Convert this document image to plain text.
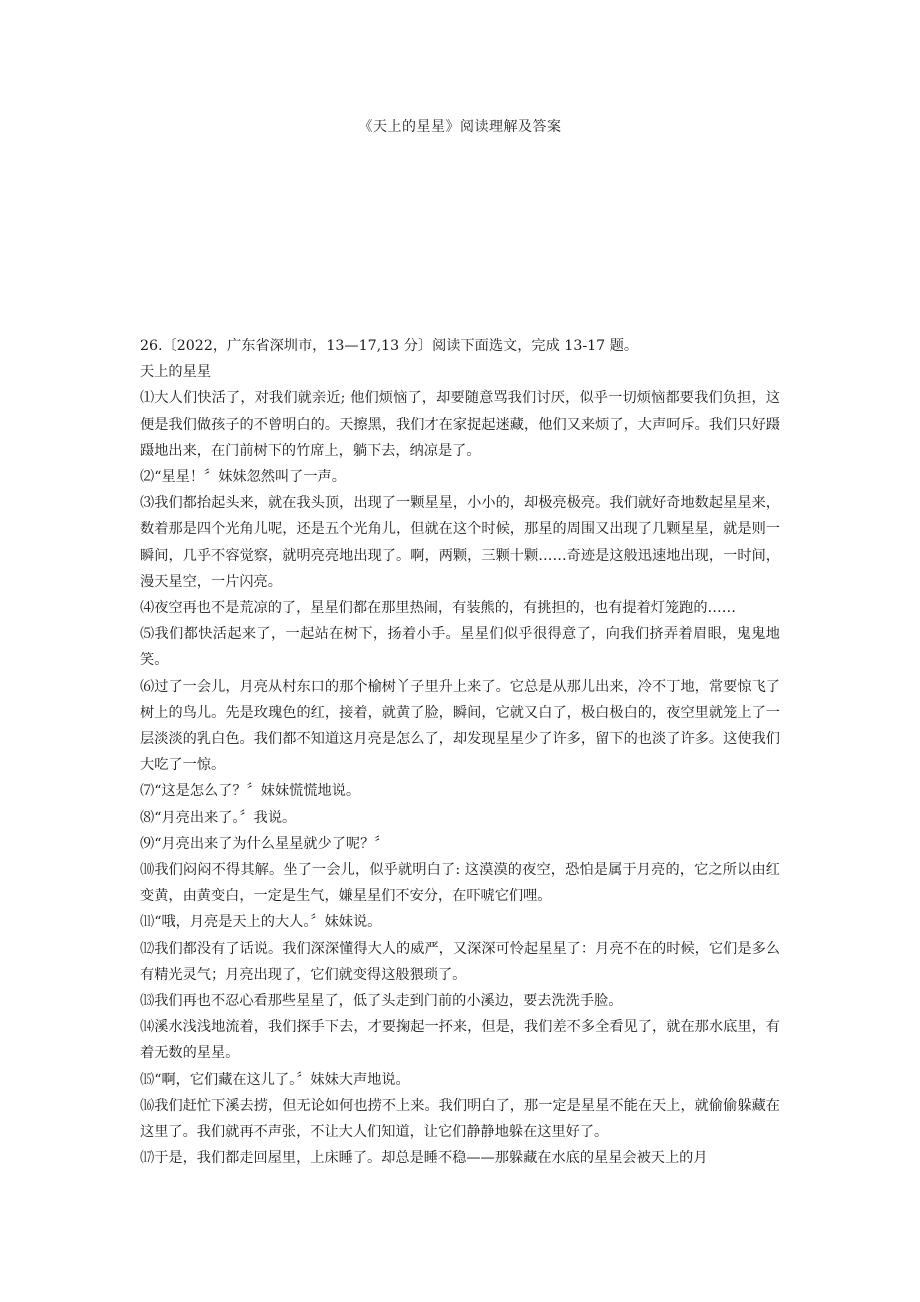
《天上的星星》阅读理解及答案

26.〔2022，广东省深圳市，13—17,13 分〕阅读下面选文，完成 13-17 题。

天上的星星

⑴大人们快活了，对我们就亲近; 他们烦恼了，却要随意骂我们讨厌，似乎一切烦恼都要我们负担，这便是我们做孩子的不曾明白的。天擦黑，我们才在家捉起迷藏，他们又来烦了，大声呵斥。我们只好蹑蹑地出来，在门前树下的竹席上，躺下去，纳凉是了。

⑵“星星！〞妹妹忽然叫了一声。

⑶我们都抬起头来，就在我头顶，出现了一颗星星，小小的，却极亮极亮。我们就好奇地数起星星来，数着那是四个光角儿呢，还是五个光角儿，但就在这个时候，那星的周围又出现了几颗星星，就是则一瞬间，几乎不容觉察，就明亮亮地出现了。啊，两颗，三颗十颗……奇迹是这般迅速地出现，一时间，漫天星空，一片闪亮。

⑷夜空再也不是荒凉的了，星星们都在那里热闹，有装熊的，有挑担的，也有提着灯笼跑的……

⑸我们都快活起来了，一起站在树下，扬着小手。星星们似乎很得意了，向我们挤弄着眉眼，鬼鬼地笑。

⑹过了一会儿，月亮从村东口的那个榆树丫子里升上来了。它总是从那儿出来，冷不丁地，常要惊飞了树上的鸟儿。先是玫瑰色的红，接着，就黄了脸，瞬间，它就又白了，极白极白的，夜空里就笼上了一层淡淡的乳白色。我们都不知道这月亮是怎么了，却发现星星少了许多，留下的也淡了许多。这使我们大吃了一惊。

⑺“这是怎么了？〞妹妹慌慌地说。

⑻“月亮出来了。〞我说。

⑼“月亮出来了为什么星星就少了呢？〞

⑽我们闷闷不得其解。坐了一会儿，似乎就明白了: 这漠漠的夜空，恐怕是属于月亮的，它之所以由红变黄，由黄变白，一定是生气，嫌星星们不安分，在吓唬它们哩。

⑾“哦，月亮是天上的大人。〞妹妹说。

⑿我们都没有了话说。我们深深懂得大人的威严，又深深可怜起星星了：月亮不在的时候，它们是多么有精光灵气；月亮出现了，它们就变得这般猥琐了。

⒀我们再也不忍心看那些星星了，低了头走到门前的小溪边，要去洗洗手脸。

⒁溪水浅浅地流着，我们探手下去，才要掬起一抔来，但是，我们差不多全看见了，就在那水底里，有着无数的星星。

⒂“啊，它们藏在这儿了。〞妹妹大声地说。

⒃我们赶忙下溪去捞，但无论如何也捞不上来。我们明白了，那一定是星星不能在天上，就偷偷躲藏在这里了。我们就再不声张，不让大人们知道，让它们静静地躲在这里好了。

⒄于是，我们都走回屋里，上床睡了。却总是睡不稳——那躲藏在水底的星星会被天上的月
